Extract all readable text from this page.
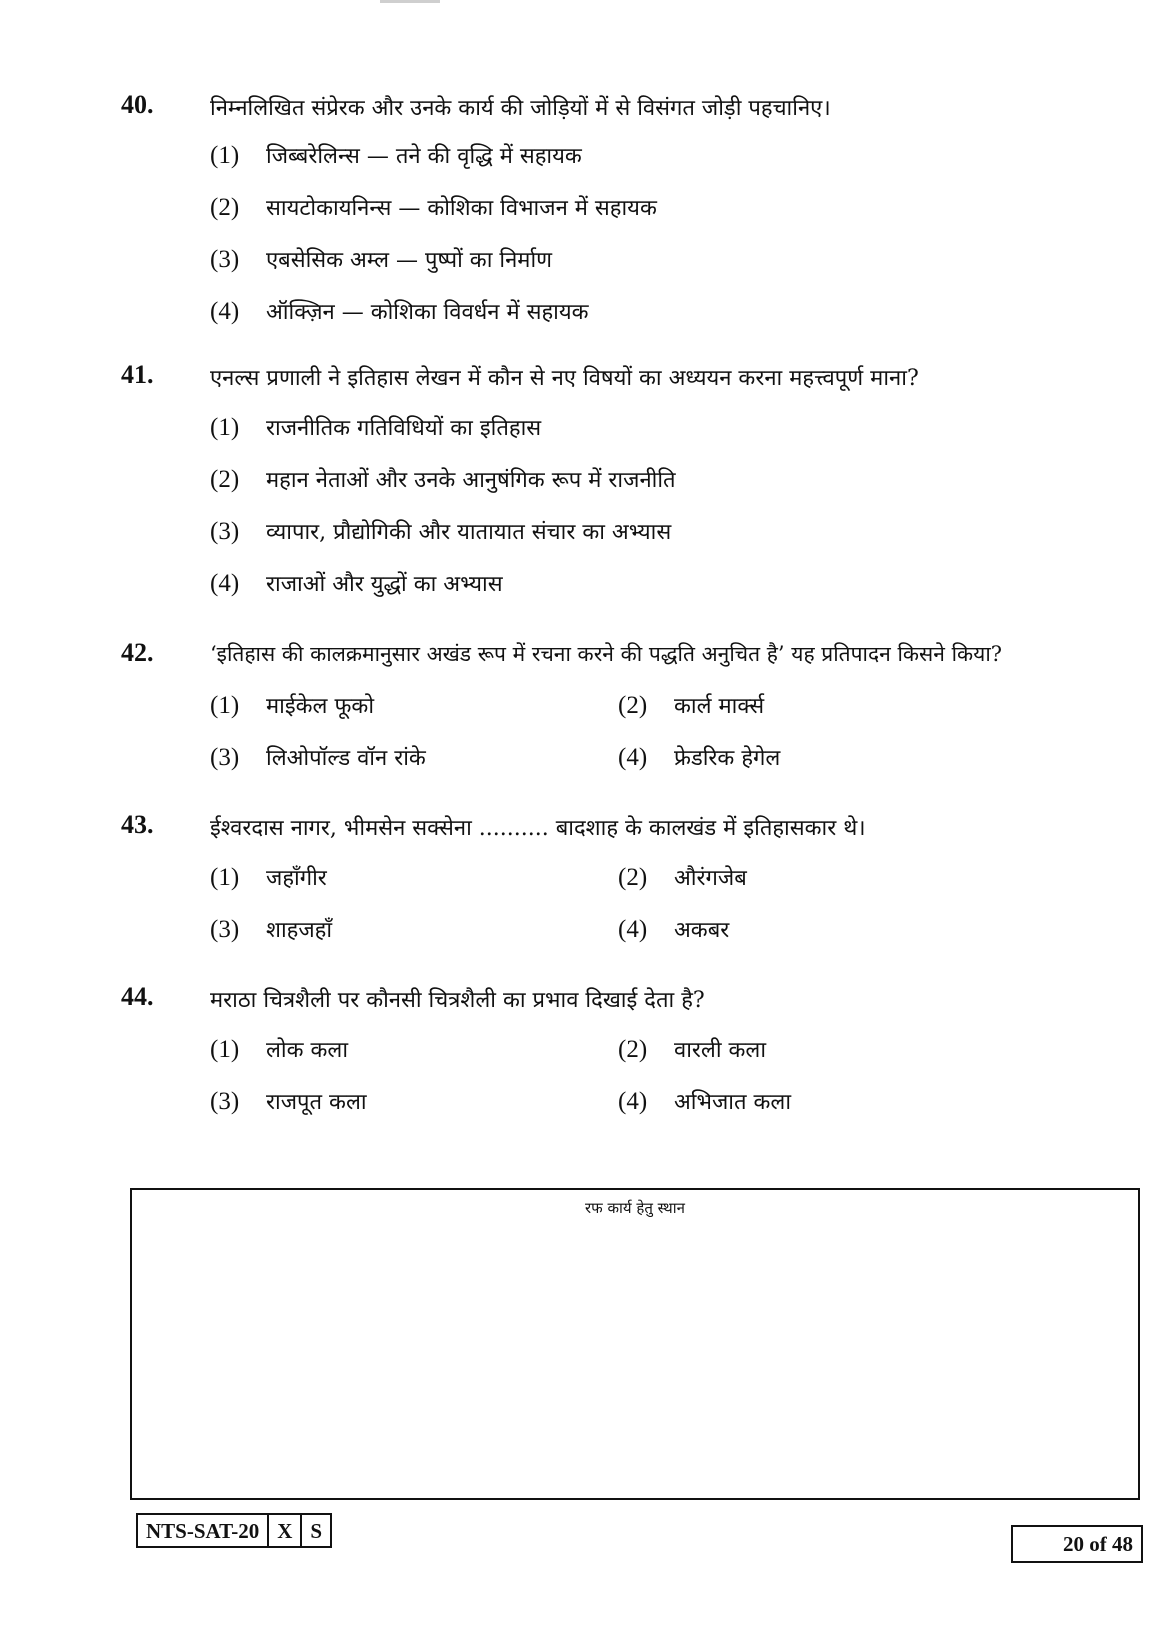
40.	निम्नलिखित संप्रेरक और उनके कार्य की जोड़ियों में से विसंगत जोड़ी पहचानिए।
(1) जिब्बरेलिन्स — तने की वृद्धि में सहायक
(2) सायटोकायनिन्स — कोशिका विभाजन में सहायक
(3) एबसेसिक अम्ल — पुष्पों का निर्माण
(4) ऑक्ज़िन — कोशिका विवर्धन में सहायक
41.	एनल्स प्रणाली ने इतिहास लेखन में कौन से नए विषयों का अध्ययन करना महत्त्वपूर्ण माना?
(1) राजनीतिक गतिविधियों का इतिहास
(2) महान नेताओं और उनके आनुषंगिक रूप में राजनीति
(3) व्यापार, प्रौद्योगिकी और यातायात संचार का अभ्यास
(4) राजाओं और युद्धों का अभ्यास
42.	‘इतिहास की कालक्रमानुसार अखंड रूप में रचना करने की पद्धति अनुचित है’ यह प्रतिपादन किसने किया?
(1) माईकेल फूको	(2) कार्ल मार्क्स
(3) लिओपॉल्ड वॉन रांके	(4) फ्रेडरिक हेगेल
43.	ईश्वरदास नागर, भीमसेन सक्सेना .......... बादशाह के कालखंड में इतिहासकार थे।
(1) जहाँगीर	(2) औरंगजेब
(3) शाहजहाँ	(4) अकबर
44.	मराठा चित्रशैली पर कौनसी चित्रशैली का प्रभाव दिखाई देता है?
(1) लोक कला	(2) वारली कला
(3) राजपूत कला	(4) अभिजात कला
रफ कार्य हेतु स्थान
NTS-SAT-20 X S
20 of 48
